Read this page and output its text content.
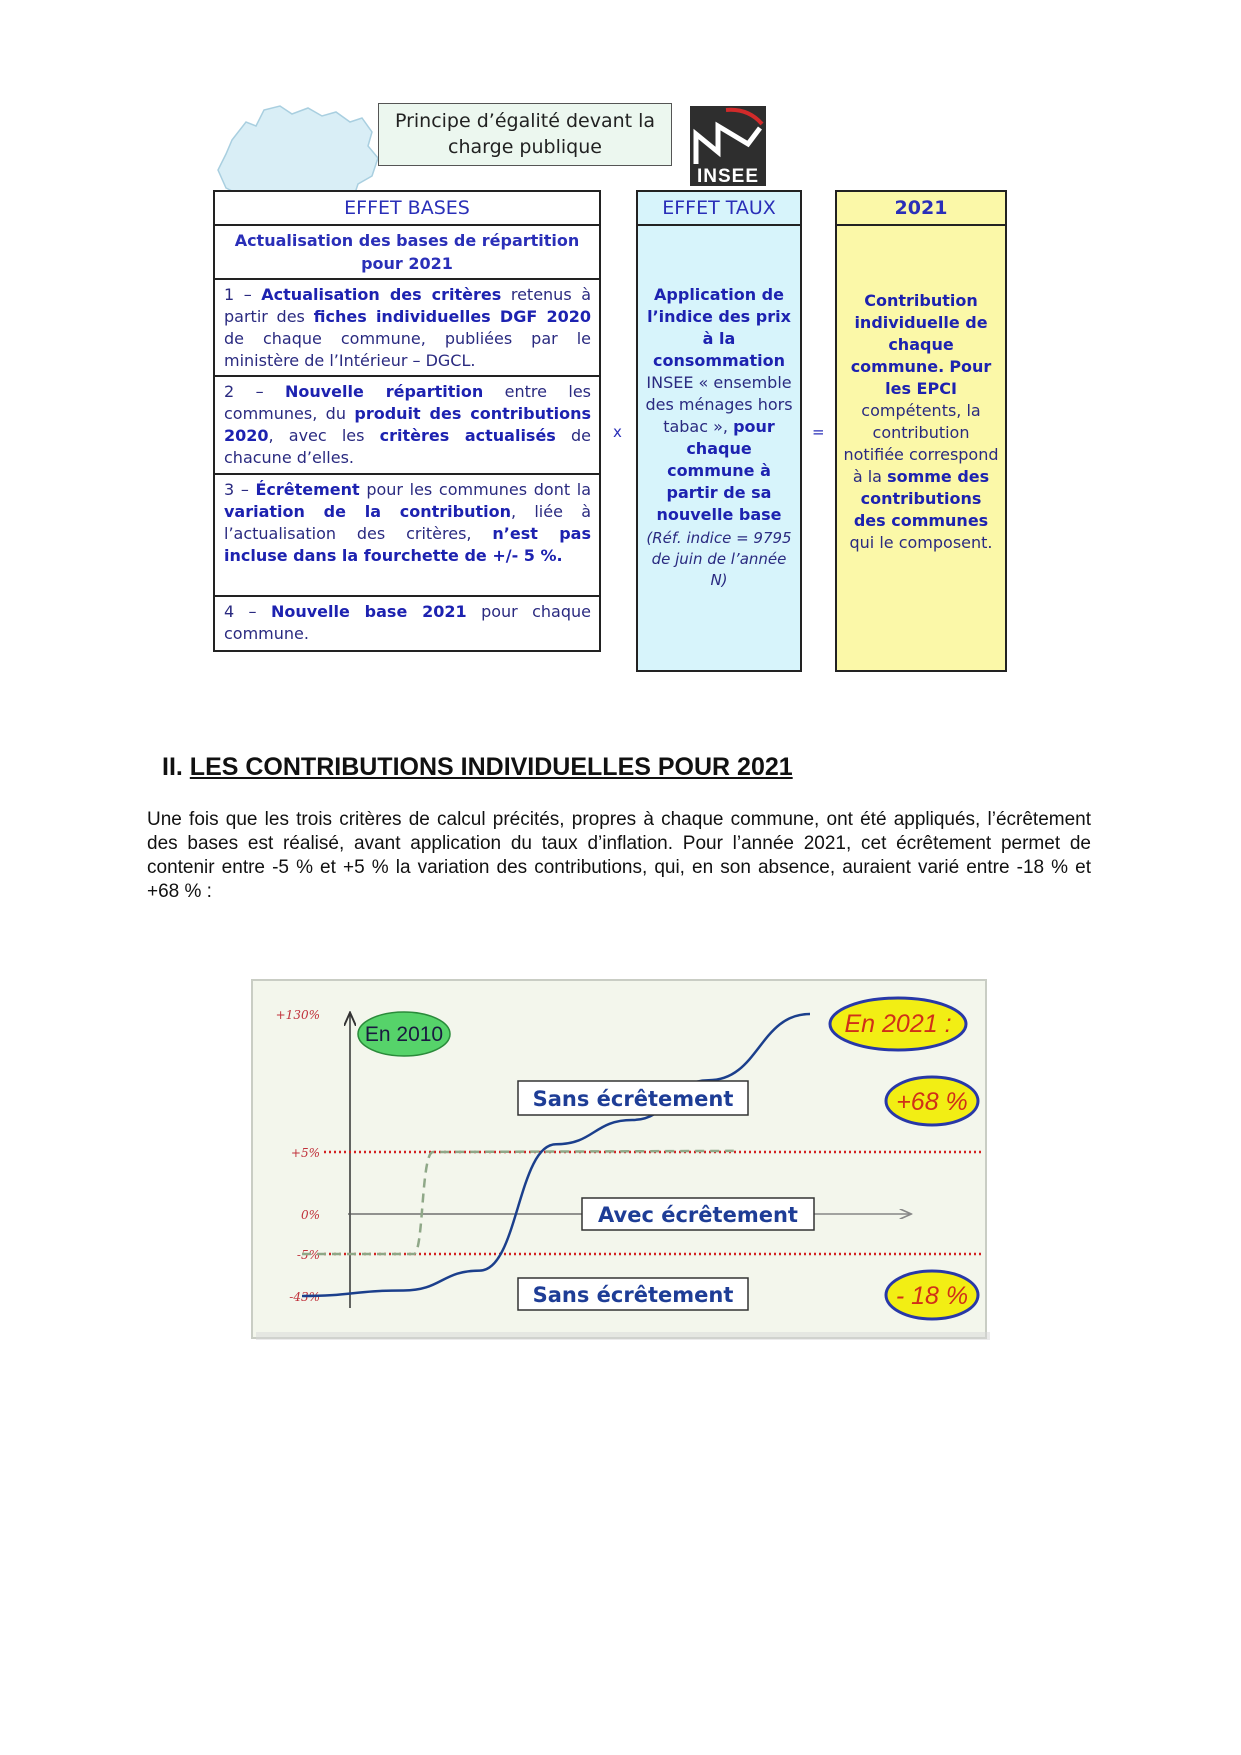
Principe d’égalité devant la charge publique
INSEE
EFFET BASES
Actualisation des bases de répartition pour 2021
1 – Actualisation des critères retenus à partir des fiches individuelles DGF 2020 de chaque commune, publiées par le ministère de l’Intérieur – DGCL.
2 – Nouvelle répartition entre les communes, du produit des contributions 2020, avec les critères actualisés de chacune d’elles.
3 – Écrêtement pour les communes dont la variation de la contribution, liée à l’actualisation des critères, n’est pas incluse dans la fourchette de +/- 5 %.
4 – Nouvelle base 2021 pour chaque commune.
x
EFFET TAUX
Application de l’indice des prix à la consommation INSEE « ensemble des ménages hors tabac », pour chaque commune à partir de sa nouvelle base
(Réf. indice = 9795 de juin de l’année N)
=
2021
Contribution individuelle de chaque commune. Pour les EPCI compétents, la contribution notifiée correspond à la somme des contributions des communes qui le composent.
II. LES CONTRIBUTIONS INDIVIDUELLES POUR 2021
Une fois que les trois critères de calcul précités, propres à chaque commune, ont été appliqués, l’écrêtement des bases est réalisé, avant application du taux d’inflation. Pour l’année 2021, cet écrêtement permet de contenir entre -5 % et +5 % la variation des contributions, qui, en son absence, auraient varié entre -18 % et +68 % :
+130%
+5%
0%
-5%
-43%
En 2010	En 2021 :
+68 %
- 18 %
Sans écrêtement
Avec écrêtement
Sans écrêtement
